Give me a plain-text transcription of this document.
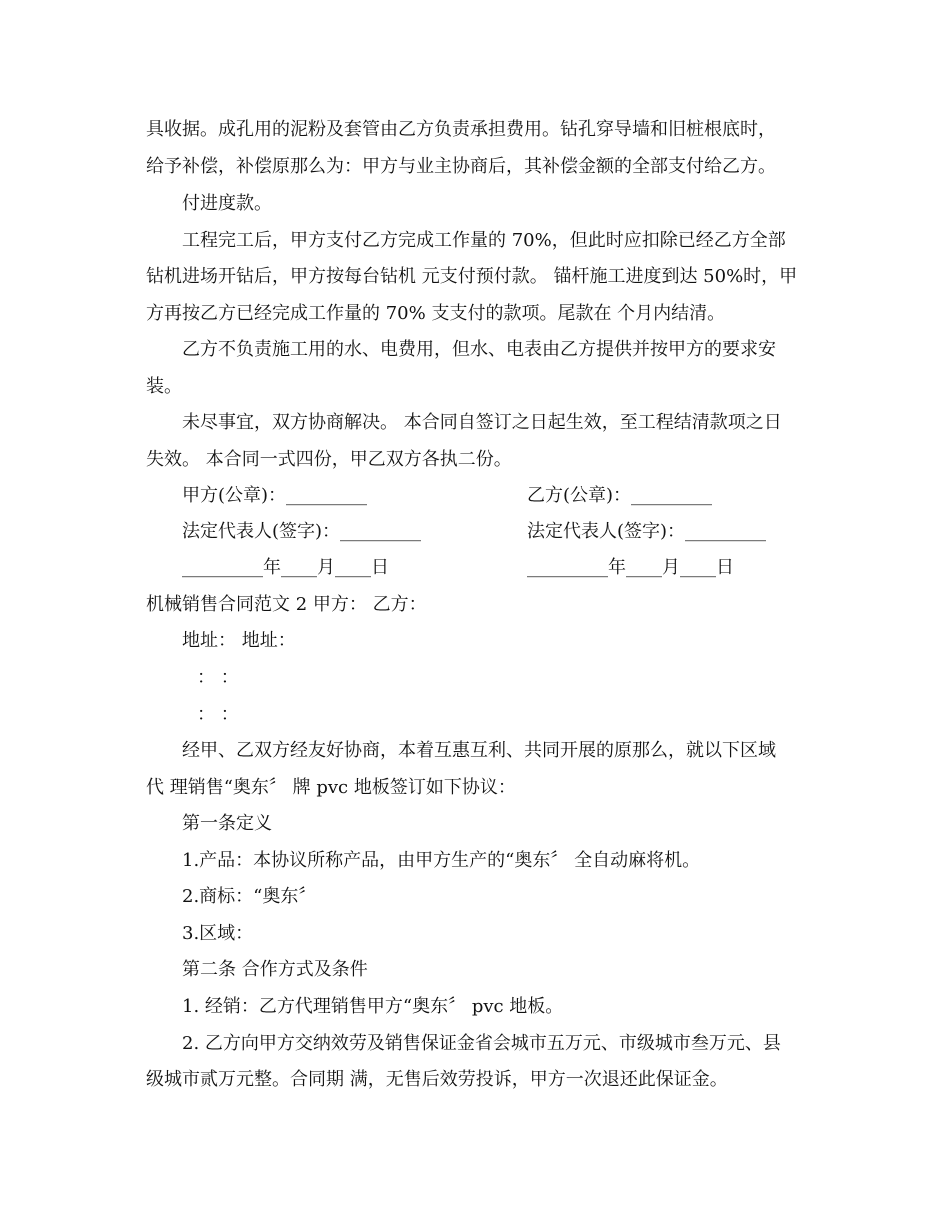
具收据。成孔用的泥粉及套管由乙方负责承担费用。钻孔穿导墙和旧桩根底时，
给予补偿，补偿原那么为：甲方与业主协商后，其补偿金额的全部支付给乙方。
付进度款。
工程完工后，甲方支付乙方完成工作量的 70%，但此时应扣除已经乙方全部
钻机进场开钻后，甲方按每台钻机 元支付预付款。 锚杆施工进度到达 50%时，甲
方再按乙方已经完成工作量的 70% 支支付的款项。尾款在 个月内结清。
乙方不负责施工用的水、电费用，但水、电表由乙方提供并按甲方的要求安
装。
未尽事宜，双方协商解决。 本合同自签订之日起生效，至工程结清款项之日
失效。 本合同一式四份，甲乙双方各执二份。
甲方(公章)：_________	乙方(公章)：_________
法定代表人(签字)：_________	法定代表人(签字)：_________
_________年____月____日	_________年____月____日
机械销售合同范文 2 甲方： 乙方：
地址： 地址：
： ：
： ：
经甲、乙双方经友好协商，本着互惠互利、共同开展的原那么，就以下区域
代 理销售“奥东〞 牌 pvc 地板签订如下协议：
第一条定义
1.产品：本协议所称产品，由甲方生产的“奥东〞 全自动麻将机。
2.商标：“奥东〞
3.区域：
第二条 合作方式及条件
1. 经销：乙方代理销售甲方“奥东〞 pvc 地板。
2. 乙方向甲方交纳效劳及销售保证金省会城市五万元、市级城市叁万元、县
级城市贰万元整。合同期 满，无售后效劳投诉，甲方一次退还此保证金。
